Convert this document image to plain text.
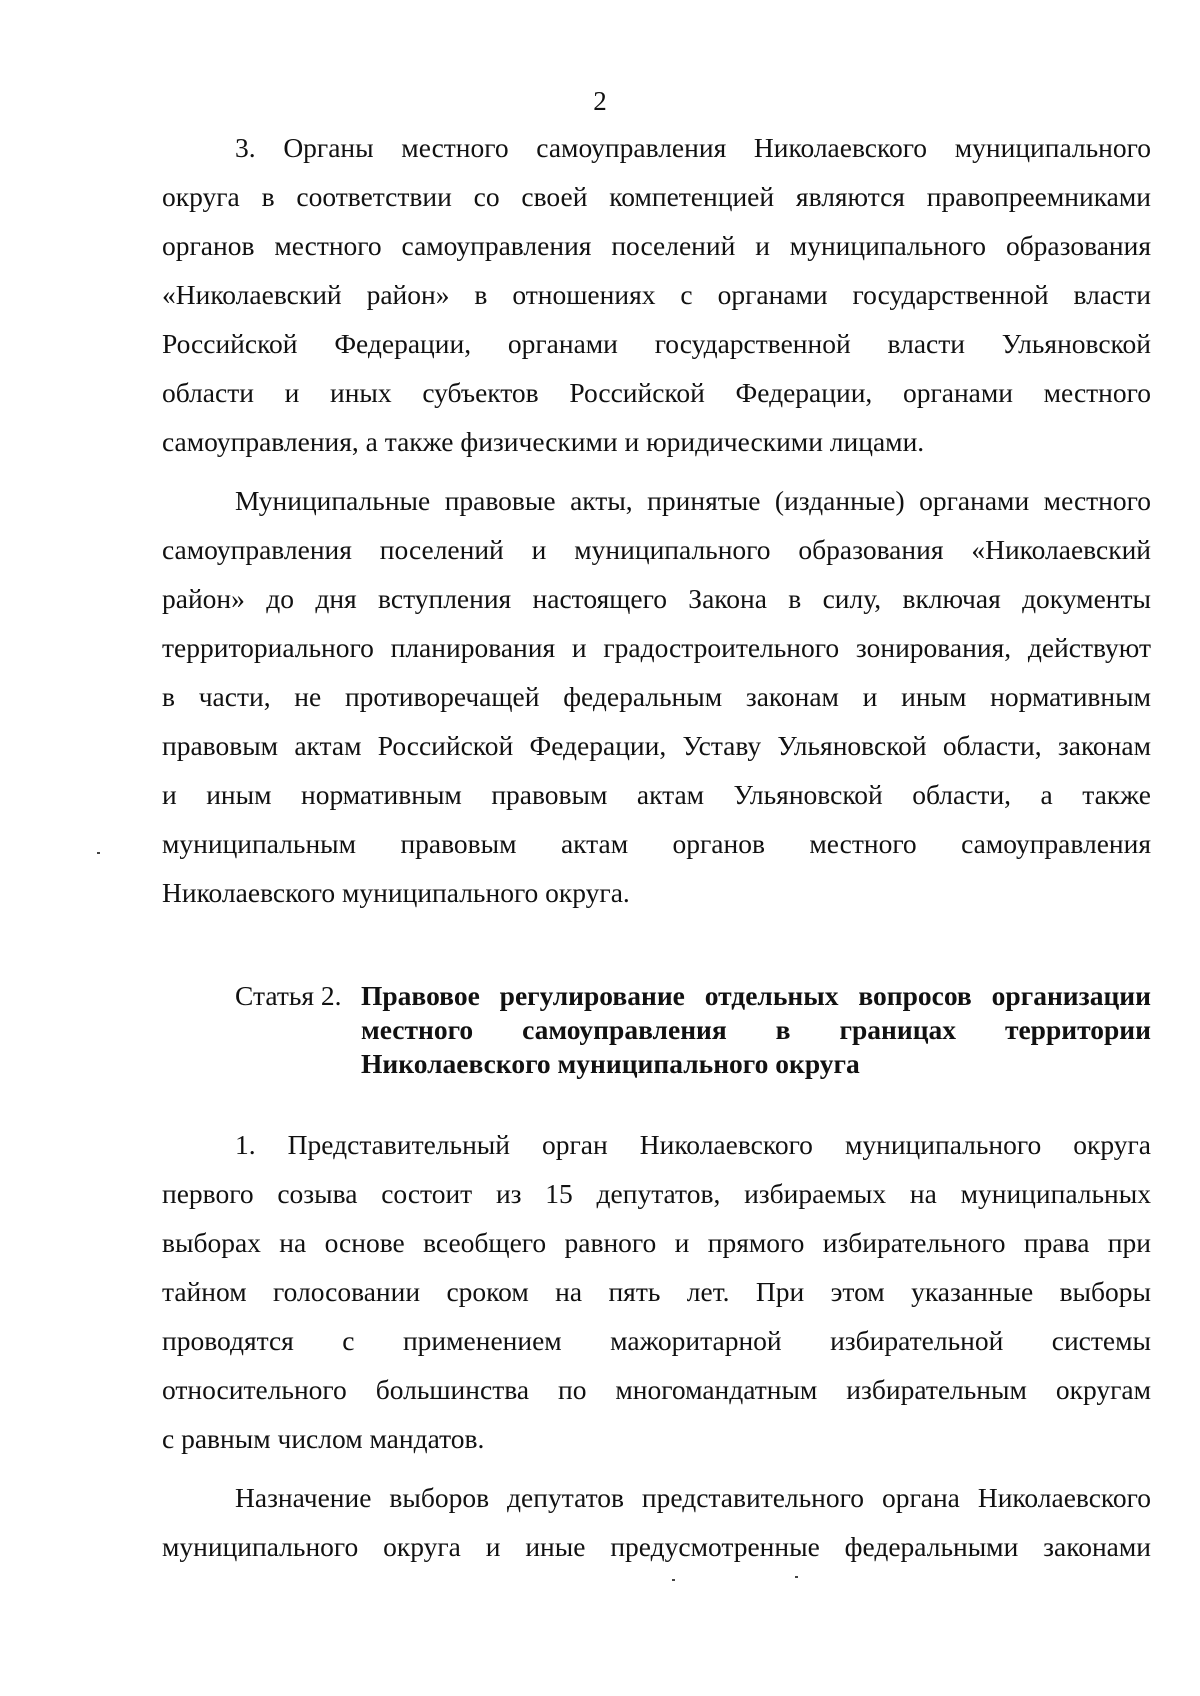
2
3. Органы местного самоуправления Николаевского муниципального
округа в соответствии со своей компетенцией являются правопреемниками
органов местного самоуправления поселений и муниципального образования
«Николаевский район» в отношениях с органами государственной власти
Российской Федерации, органами государственной власти Ульяновской
области и иных субъектов Российской Федерации, органами местного
самоуправления, а также физическими и юридическими лицами.
Муниципальные правовые акты, принятые (изданные) органами местного
самоуправления поселений и муниципального образования «Николаевский
район» до дня вступления настоящего Закона в силу, включая документы
территориального планирования и градостроительного зонирования, действуют
в части, не противоречащей федеральным законам и иным нормативным
правовым актам Российской Федерации, Уставу Ульяновской области, законам
и иным нормативным правовым актам Ульяновской области, а также
муниципальным правовым актам органов местного самоуправления
Николаевского муниципального округа.
Статья 2. Правовое регулирование отдельных вопросов организации
местного самоуправления в границах территории
Николаевского муниципального округа
1. Представительный орган Николаевского муниципального округа
первого созыва состоит из 15 депутатов, избираемых на муниципальных
выборах на основе всеобщего равного и прямого избирательного права при
тайном голосовании сроком на пять лет. При этом указанные выборы
проводятся с применением мажоритарной избирательной системы
относительного большинства по многомандатным избирательным округам
с равным числом мандатов.
Назначение выборов депутатов представительного органа Николаевского
муниципального округа и иные предусмотренные федеральными законами
